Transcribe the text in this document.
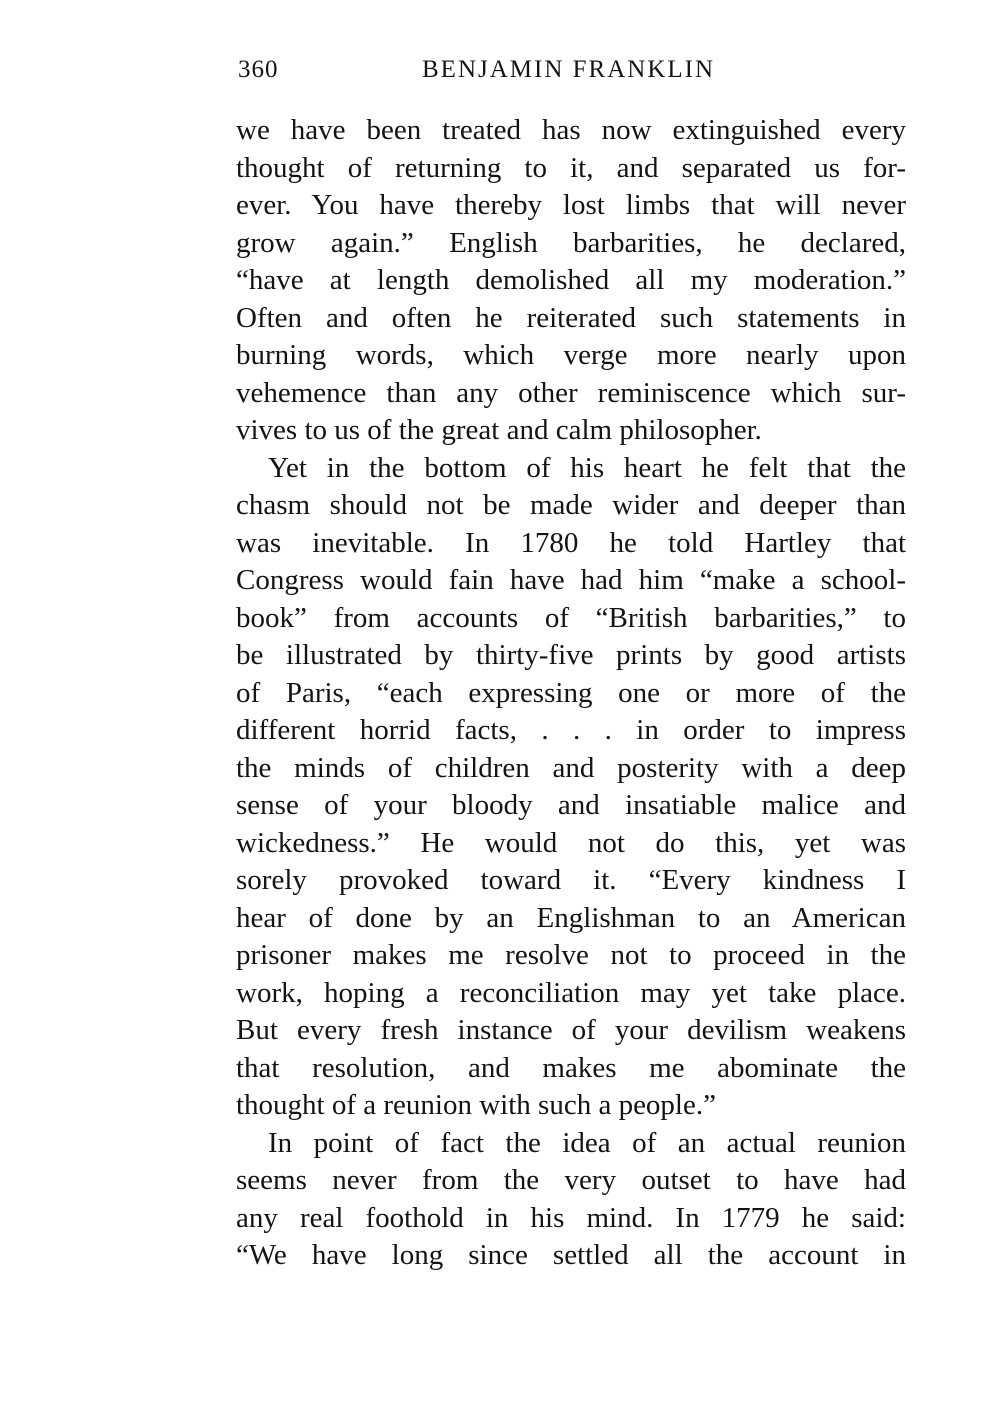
360	BENJAMIN FRANKLIN
we have been treated has now extinguished every
thought of returning to it, and separated us for-
ever. You have thereby lost limbs that will never
grow again.” English barbarities, he declared,
“have at length demolished all my moderation.”
Often and often he reiterated such statements in
burning words, which verge more nearly upon
vehemence than any other reminiscence which sur-
vives to us of the great and calm philosopher.
Yet in the bottom of his heart he felt that the
chasm should not be made wider and deeper than
was inevitable. In 1780 he told Hartley that
Congress would fain have had him “make a school-
book” from accounts of “British barbarities,” to
be illustrated by thirty-five prints by good artists
of Paris, “each expressing one or more of the
different horrid facts, . . . in order to impress
the minds of children and posterity with a deep
sense of your bloody and insatiable malice and
wickedness.” He would not do this, yet was
sorely provoked toward it. “Every kindness I
hear of done by an Englishman to an American
prisoner makes me resolve not to proceed in the
work, hoping a reconciliation may yet take place.
But every fresh instance of your devilism weakens
that resolution, and makes me abominate the
thought of a reunion with such a people.”
In point of fact the idea of an actual reunion
seems never from the very outset to have had
any real foothold in his mind. In 1779 he said:
“We have long since settled all the account in
